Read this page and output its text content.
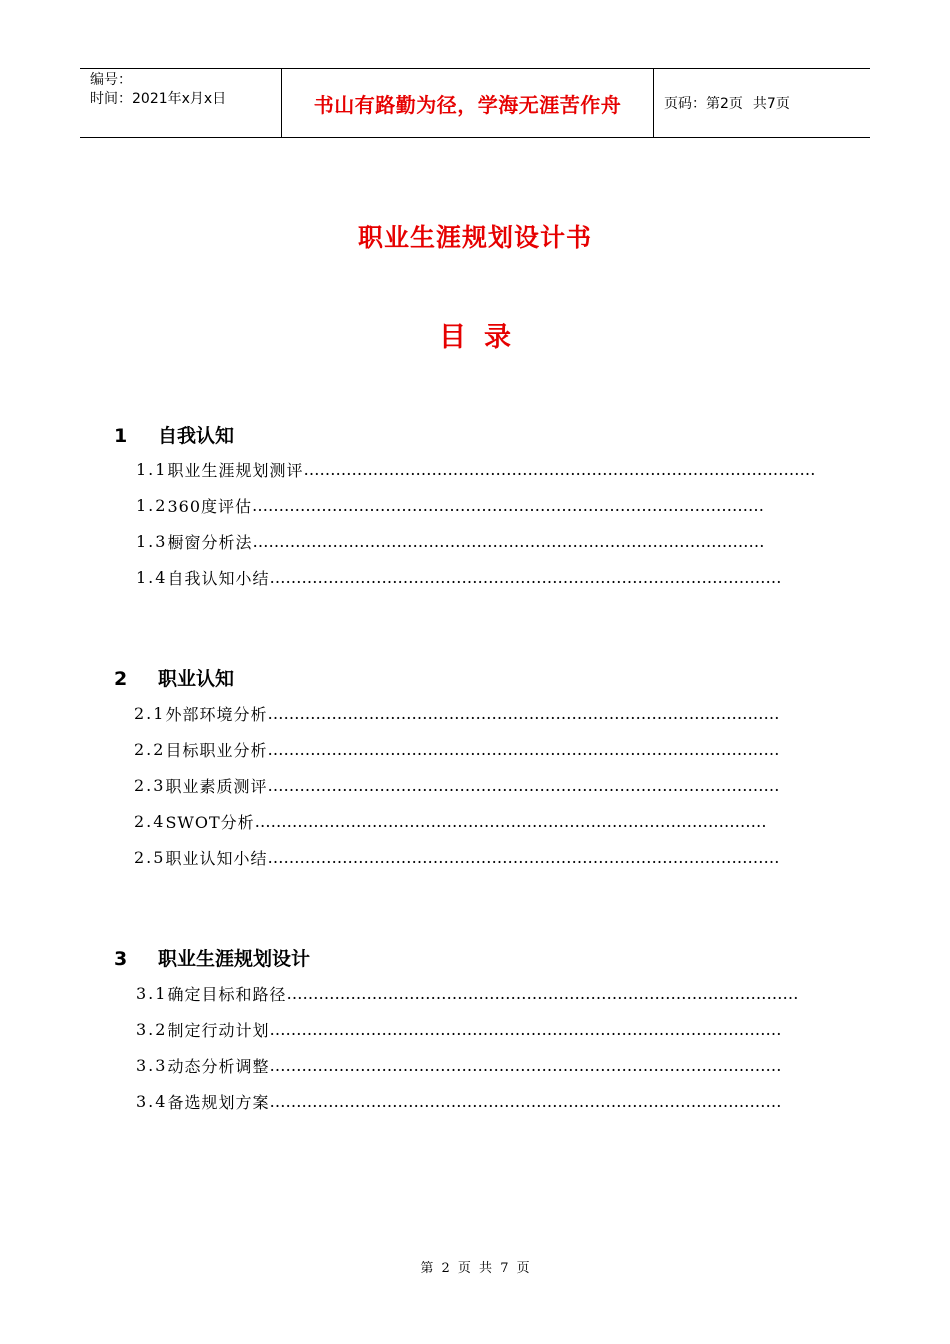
编号：
时间：2021年x月x日	书山有路勤为径，学海无涯苦作舟	页码：第2页 共7页
职业生涯规划设计书
目录
1 自我认知
1.1 职业生涯规划测评 ……………………………………………………………………………………
1.2 360度评估 ……………………………………………………………………………………
1.3 橱窗分析法 ……………………………………………………………………………………
1.4 自我认知小结 ……………………………………………………………………………………
2 职业认知
2.1 外部环境分析 ……………………………………………………………………………………
2.2 目标职业分析 ……………………………………………………………………………………
2.3 职业素质测评 ……………………………………………………………………………………
2.4 SWOT分析 ……………………………………………………………………………………
2.5 职业认知小结 ……………………………………………………………………………………
3 职业生涯规划设计
3.1 确定目标和路径 ……………………………………………………………………………………
3.2 制定行动计划 ……………………………………………………………………………………
3.3 动态分析调整 ……………………………………………………………………………………
3.4 备选规划方案 ……………………………………………………………………………………
第 2 页 共 7 页
